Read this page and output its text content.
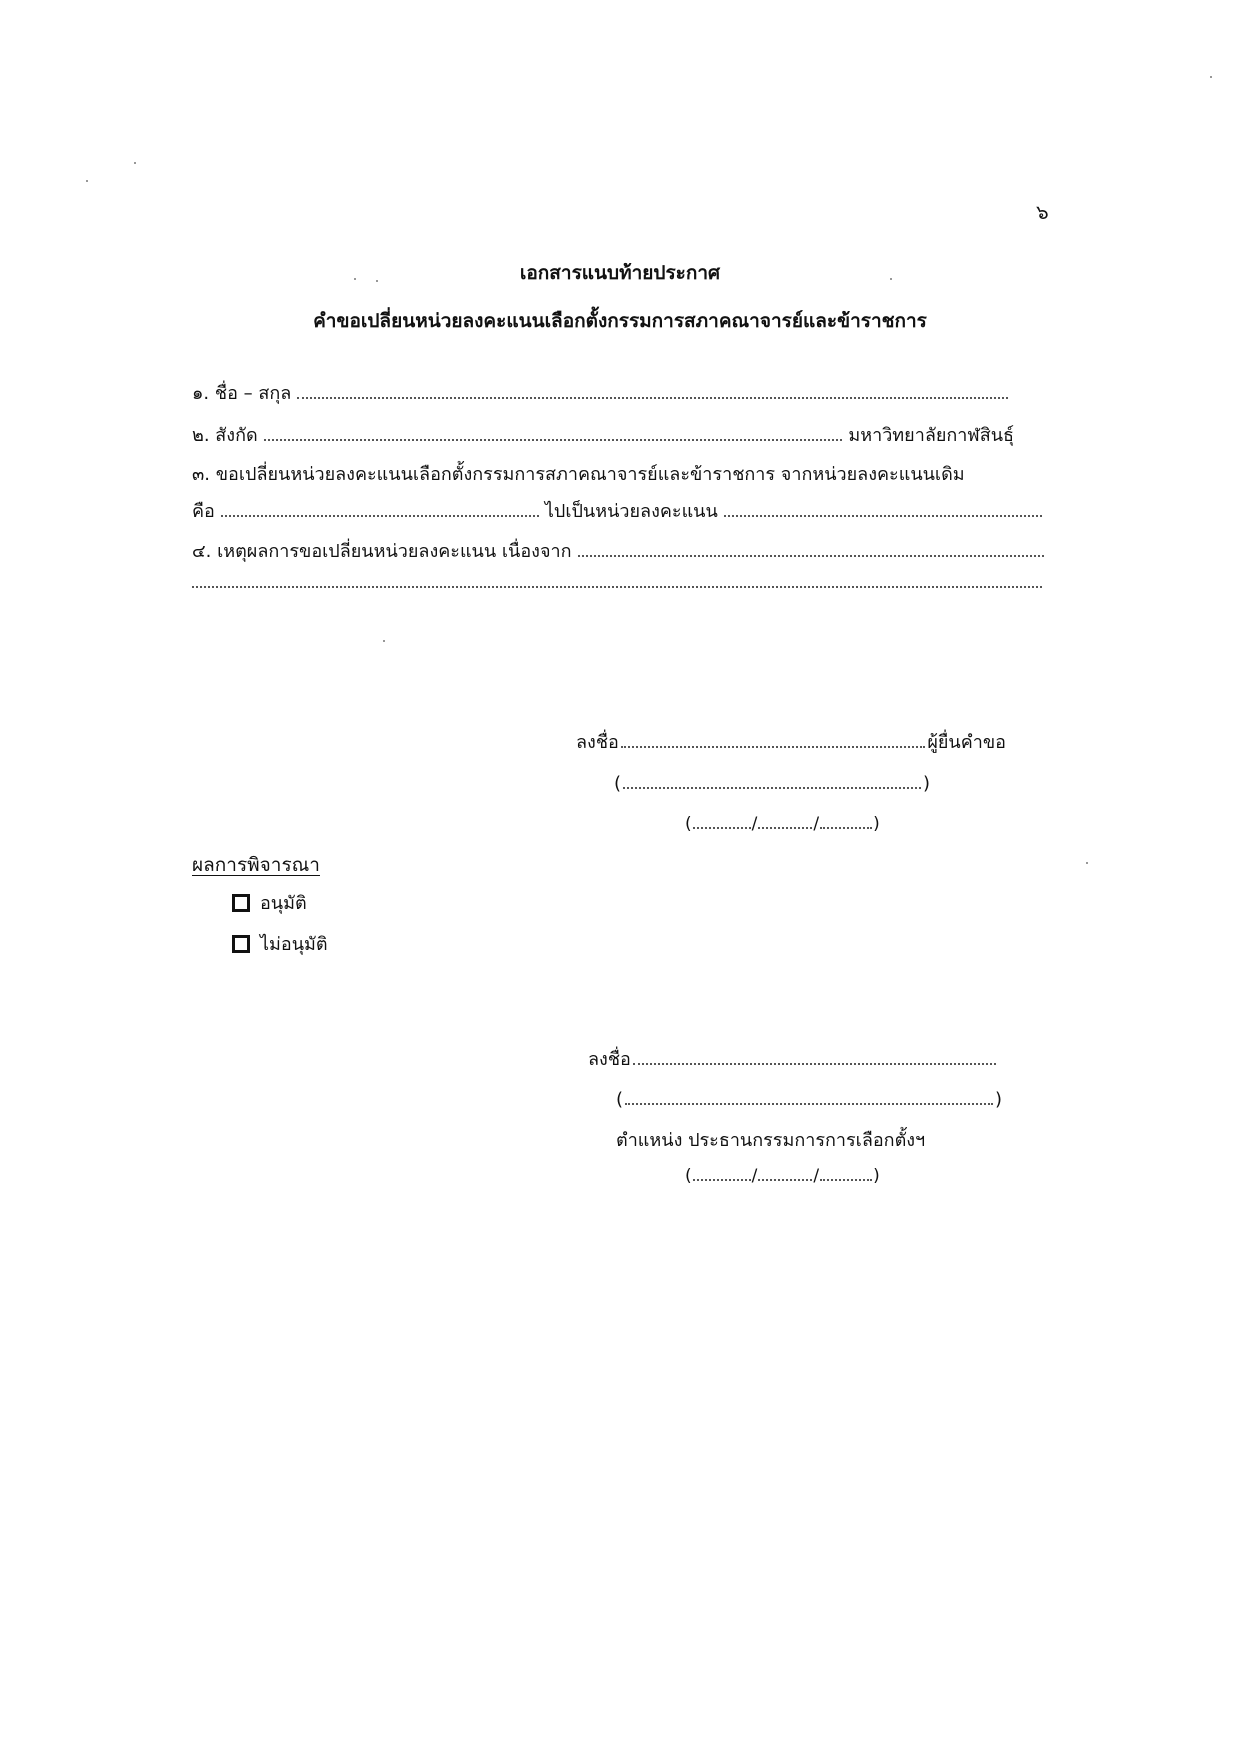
๖
เอกสารแนบท้ายประกาศ
คำขอเปลี่ยนหน่วยลงคะแนนเลือกตั้งกรรมการสภาคณาจารย์และข้าราชการ
๑. ชื่อ – สกุล
๒. สังกัด	มหาวิทยาลัยกาฬสินธุ์
๓. ขอเปลี่ยนหน่วยลงคะแนนเลือกตั้งกรรมการสภาคณาจารย์และข้าราชการ จากหน่วยลงคะแนนเดิม
คือ	ไปเป็นหน่วยลงคะแนน
๔. เหตุผลการขอเปลี่ยนหน่วยลงคะแนน เนื่องจาก
ลงชื่อ	ผู้ยื่นคำขอ
(	)
(	/	/	)
ผลการพิจารณา
อนุมัติ
ไม่อนุมัติ
ลงชื่อ
(	)
ตำแหน่ง ประธานกรรมการการเลือกตั้งฯ
(	/	/	)
